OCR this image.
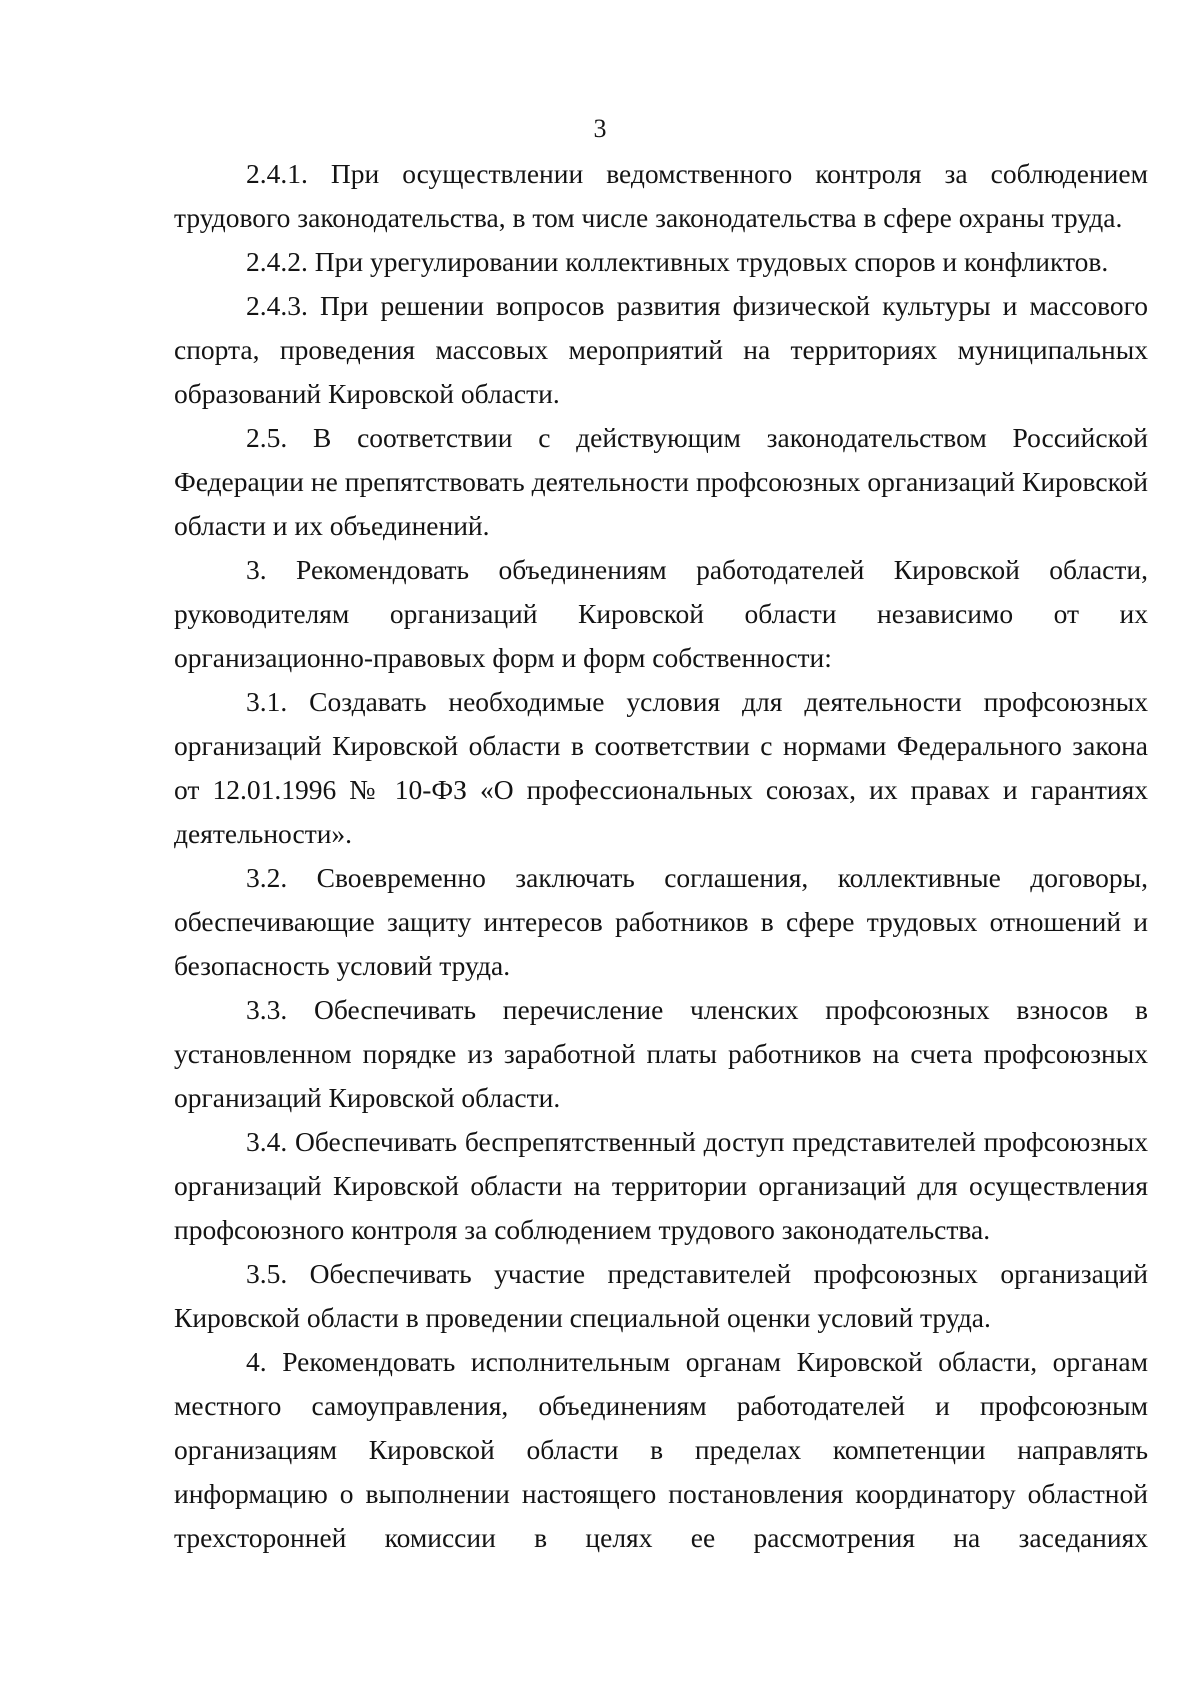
3

2.4.1. При осуществлении ведомственного контроля за соблюдением трудового законодательства, в том числе законодательства в сфере охраны труда.

2.4.2. При урегулировании коллективных трудовых споров и конфликтов.

2.4.3. При решении вопросов развития физической культуры и массового спорта, проведения массовых мероприятий на территориях муниципальных образований Кировской области.

2.5. В соответствии с действующим законодательством Российской Федерации не препятствовать деятельности профсоюзных организаций Кировской области и их объединений.

3. Рекомендовать объединениям работодателей Кировской области, руководителям организаций Кировской области независимо от их организационно-правовых форм и форм собственности:

3.1. Создавать необходимые условия для деятельности профсоюзных организаций Кировской области в соответствии с нормами Федерального закона от 12.01.1996 № 10-ФЗ «О профессиональных союзах, их правах и гарантиях деятельности».

3.2. Своевременно заключать соглашения, коллективные договоры, обеспечивающие защиту интересов работников в сфере трудовых отношений и безопасность условий труда.

3.3. Обеспечивать перечисление членских профсоюзных взносов в установленном порядке из заработной платы работников на счета профсоюзных организаций Кировской области.

3.4. Обеспечивать беспрепятственный доступ представителей профсоюзных организаций Кировской области на территории организаций для осуществления профсоюзного контроля за соблюдением трудового законодательства.

3.5. Обеспечивать участие представителей профсоюзных организаций Кировской области в проведении специальной оценки условий труда.

4. Рекомендовать исполнительным органам Кировской области, органам местного самоуправления, объединениям работодателей и профсоюзным организациям Кировской области в пределах компетенции направлять информацию о выполнении настоящего постановления координатору областной трехсторонней комиссии в целях ее рассмотрения на заседаниях
